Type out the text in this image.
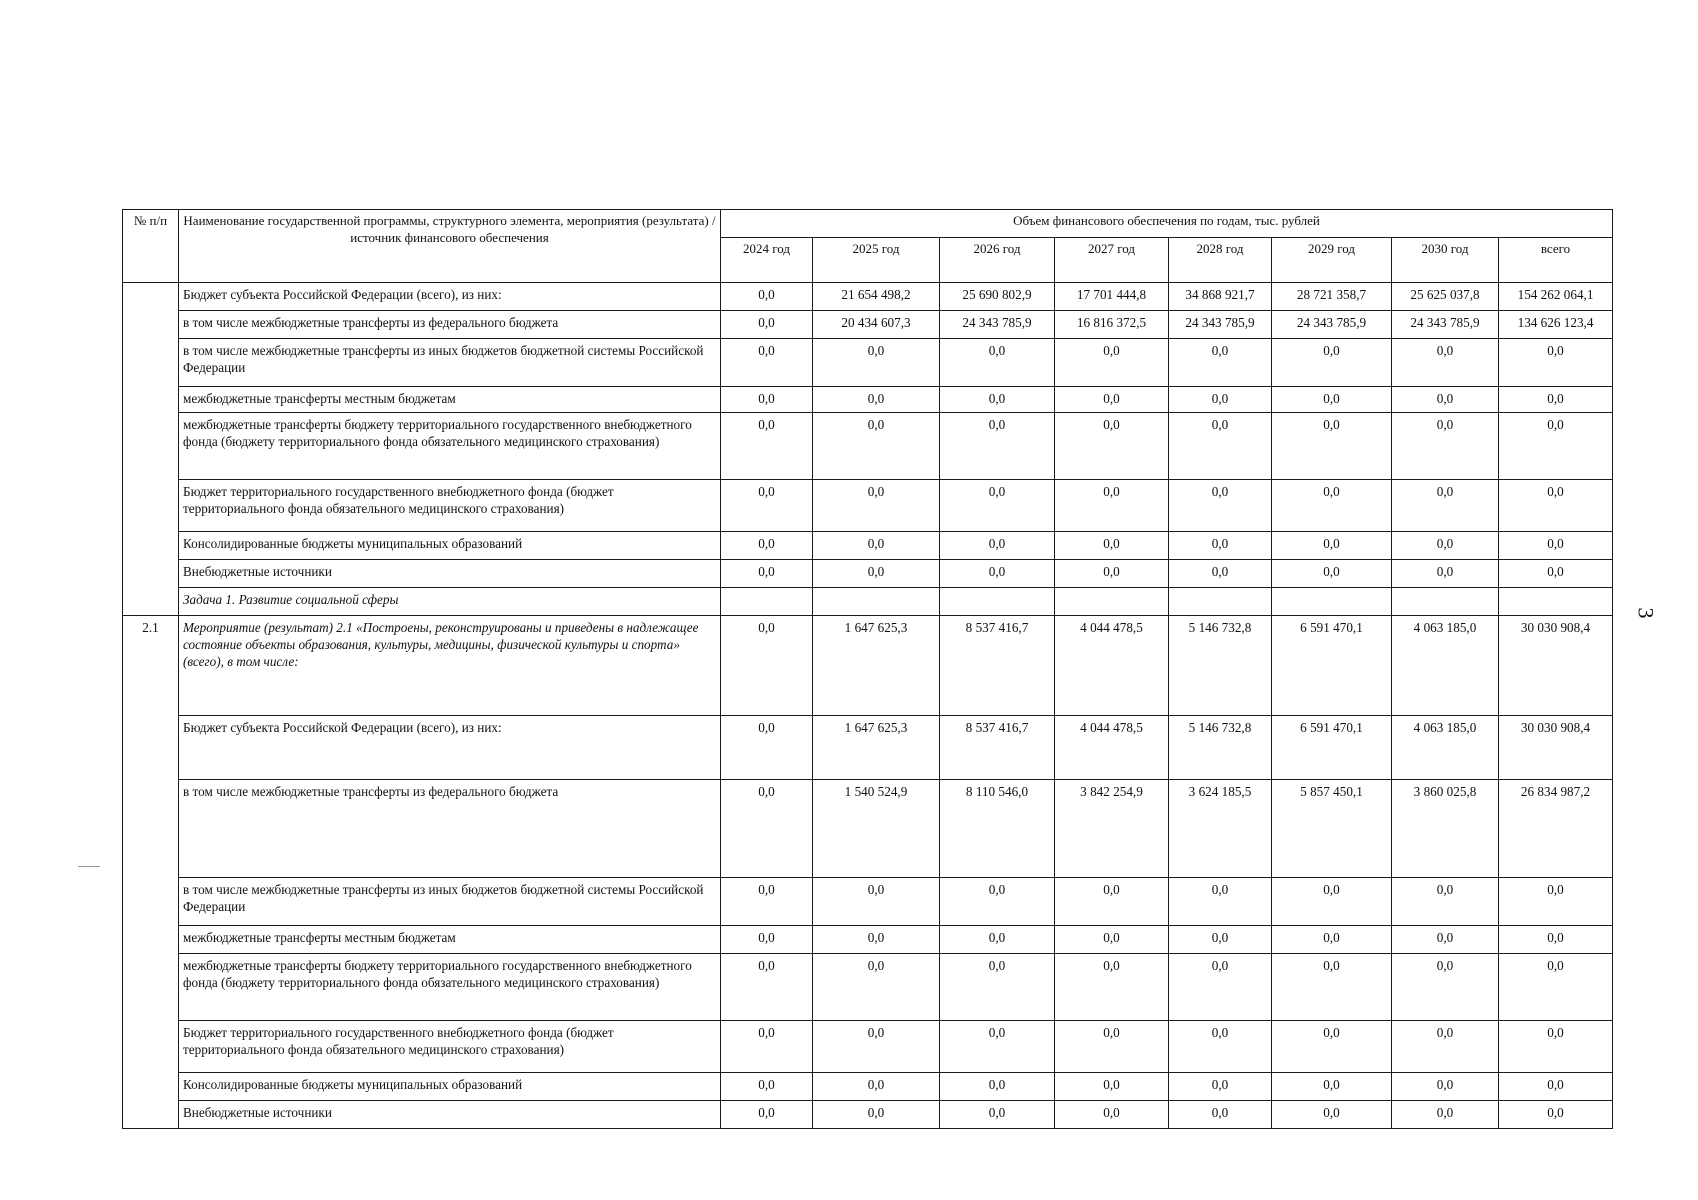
№ п/п	Наименование государственной программы, структурного элемента, мероприятия (результата) / источник финансового обеспечения	Объем финансового обеспечения по годам, тыс. рублей							
		2024 год	2025 год	2026 год	2027 год	2028 год	2029 год	2030 год	всего
	Бюджет субъекта Российской Федерации (всего), из них:	0,0	21 654 498,2	25 690 802,9	17 701 444,8	34 868 921,7	28 721 358,7	25 625 037,8	154 262 064,1
	в том числе межбюджетные трансферты из федерального бюджета	0,0	20 434 607,3	24 343 785,9	16 816 372,5	24 343 785,9	24 343 785,9	24 343 785,9	134 626 123,4
	в том числе межбюджетные трансферты из иных бюджетов бюджетной системы Российской Федерации	0,0	0,0	0,0	0,0	0,0	0,0	0,0	0,0
	межбюджетные трансферты местным бюджетам	0,0	0,0	0,0	0,0	0,0	0,0	0,0	0,0
	межбюджетные трансферты бюджету территориального государственного внебюджетного фонда (бюджету территориального фонда обязательного медицинского страхования)	0,0	0,0	0,0	0,0	0,0	0,0	0,0	0,0
	Бюджет территориального государственного внебюджетного фонда (бюджет территориального фонда обязательного медицинского страхования)	0,0	0,0	0,0	0,0	0,0	0,0	0,0	0,0
	Консолидированные бюджеты муниципальных образований	0,0	0,0	0,0	0,0	0,0	0,0	0,0	0,0
	Внебюджетные источники	0,0	0,0	0,0	0,0	0,0	0,0	0,0	0,0
	Задача 1. Развитие социальной сферы								
2.1	Мероприятие (результат) 2.1 «Построены, реконструированы и приведены в надлежащее состояние объекты образования, культуры, медицины, физической культуры и спорта» (всего), в том числе:	0,0	1 647 625,3	8 537 416,7	4 044 478,5	5 146 732,8	6 591 470,1	4 063 185,0	30 030 908,4
	Бюджет субъекта Российской Федерации (всего), из них:	0,0	1 647 625,3	8 537 416,7	4 044 478,5	5 146 732,8	6 591 470,1	4 063 185,0	30 030 908,4
	в том числе межбюджетные трансферты из федерального бюджета	0,0	1 540 524,9	8 110 546,0	3 842 254,9	3 624 185,5	5 857 450,1	3 860 025,8	26 834 987,2
	в том числе межбюджетные трансферты из иных бюджетов бюджетной системы Российской Федерации	0,0	0,0	0,0	0,0	0,0	0,0	0,0	0,0
	межбюджетные трансферты местным бюджетам	0,0	0,0	0,0	0,0	0,0	0,0	0,0	0,0
	межбюджетные трансферты бюджету территориального государственного внебюджетного фонда (бюджету территориального фонда обязательного медицинского страхования)	0,0	0,0	0,0	0,0	0,0	0,0	0,0	0,0
	Бюджет территориального государственного внебюджетного фонда (бюджет территориального фонда обязательного медицинского страхования)	0,0	0,0	0,0	0,0	0,0	0,0	0,0	0,0
	Консолидированные бюджеты муниципальных образований	0,0	0,0	0,0	0,0	0,0	0,0	0,0	0,0
	Внебюджетные источники	0,0	0,0	0,0	0,0	0,0	0,0	0,0	0,0
3
